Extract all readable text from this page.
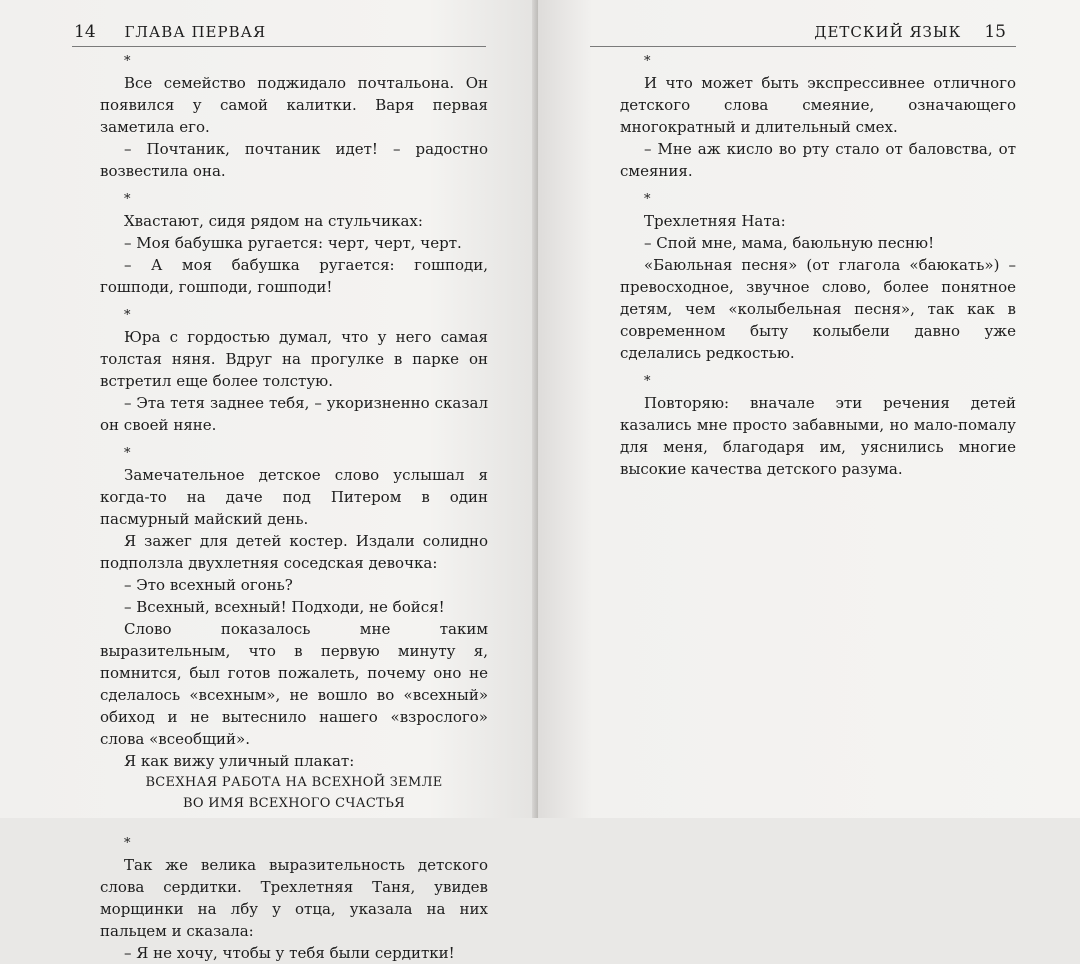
14 ГЛАВА ПЕРВАЯ
*

Все семейство поджидало почтальона. Он появился у самой калитки. Варя первая заметила его.

– Почтаник, почтаник идет! – радостно возвестила она.

*

Хвастают, сидя рядом на стульчиках:

– Моя бабушка ругается: черт, черт, черт.

– А моя бабушка ругается: гошподи, гошподи, гошподи, гошподи!

*

Юра с гордостью думал, что у него самая толстая няня. Вдруг на прогулке в парке он встретил еще более толстую.

– Эта тетя заднее тебя, – укоризненно сказал он своей няне.

*

Замечательное детское слово услышал я когда-то на даче под Питером в один пасмурный майский день.

Я зажег для детей костер. Издали солидно подползла двухлетняя соседская девочка:

– Это всехный огонь?

– Всехный, всехный! Подходи, не бойся!

Слово показалось мне таким выразительным, что в первую минуту я, помнится, был готов пожалеть, почему оно не сделалось «всехным», не вошло во «всехный» обиход и не вытеснило нашего «взрослого» слова «всеобщий».

Я как вижу уличный плакат:

ВСЕХНАЯ РАБОТА НА ВСЕХНОЙ ЗЕМЛЕ

ВО ИМЯ ВСЕХНОГО СЧАСТЬЯ

*

Так же велика выразительность детского слова сердитки. Трехлетняя Таня, увидев морщинки на лбу у отца, указала на них пальцем и сказала:

– Я не хочу, чтобы у тебя были сердитки!

ДЕТСКИЙ ЯЗЫК 15
*

И что может быть экспрессивнее отличного детского слова смеяние, означающего многократный и длительный смех.

– Мне аж кисло во рту стало от баловства, от смеяния.

*

Трехлетняя Ната:

– Спой мне, мама, баюльную песню!

«Баюльная песня» (от глагола «баюкать») – превосходное, звучное слово, более понятное детям, чем «колыбельная песня», так как в современном быту колыбели давно уже сделались редкостью.

*

Повторяю: вначале эти речения детей казались мне просто забавными, но мало-помалу для меня, благодаря им, уяснились многие высокие качества детского разума.
